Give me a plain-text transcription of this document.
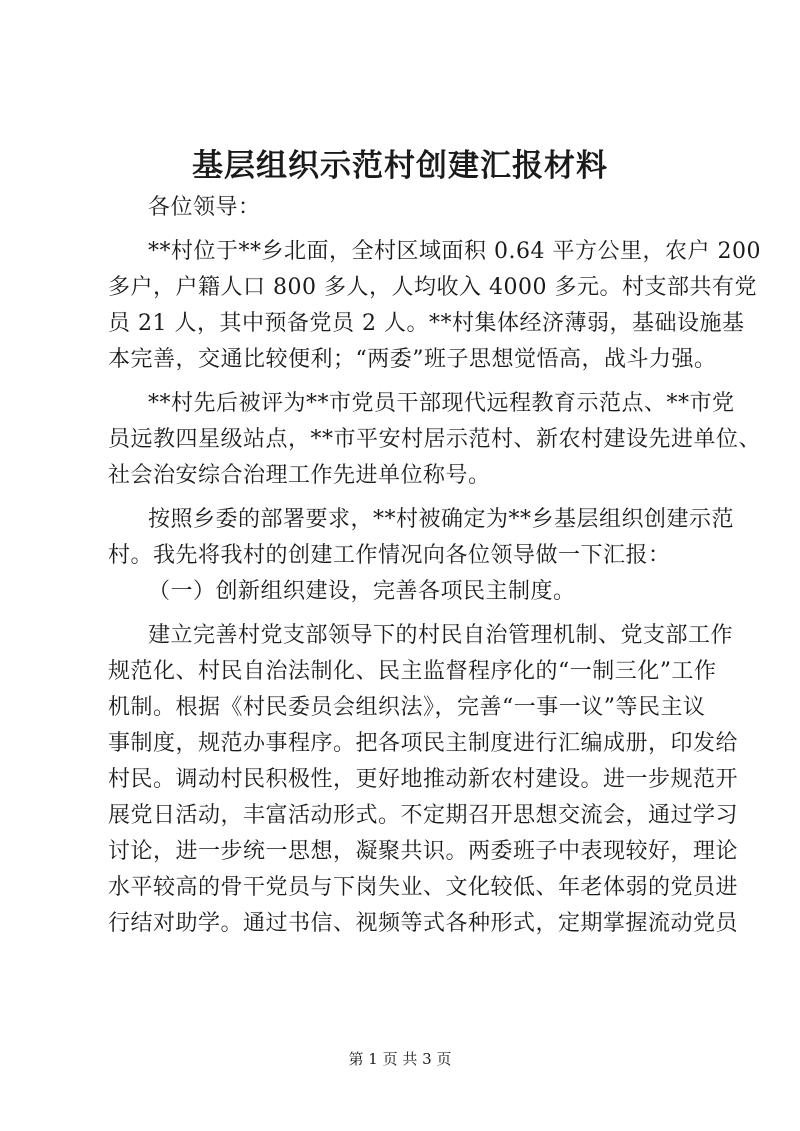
基层组织示范村创建汇报材料
各位领导：
**村位于**乡北面，全村区域面积 0.64 平方公里，农户 200
多户，户籍人口 800 多人，人均收入 4000 多元。村支部共有党
员 21 人，其中预备党员 2 人。**村集体经济薄弱，基础设施基
本完善，交通比较便利；“两委”班子思想觉悟高，战斗力强。
**村先后被评为**市党员干部现代远程教育示范点、**市党
员远教四星级站点，**市平安村居示范村、新农村建设先进单位、
社会治安综合治理工作先进单位称号。
按照乡委的部署要求，**村被确定为**乡基层组织创建示范
村。我先将我村的创建工作情况向各位领导做一下汇报：
（一）创新组织建设，完善各项民主制度。
建立完善村党支部领导下的村民自治管理机制、党支部工作
规范化、村民自治法制化、民主监督程序化的“一制三化”工作
机制。根据《村民委员会组织法》，完善“一事一议”等民主议
事制度，规范办事程序。把各项民主制度进行汇编成册，印发给
村民。调动村民积极性，更好地推动新农村建设。进一步规范开
展党日活动，丰富活动形式。不定期召开思想交流会，通过学习
讨论，进一步统一思想，凝聚共识。两委班子中表现较好，理论
水平较高的骨干党员与下岗失业、文化较低、年老体弱的党员进
行结对助学。通过书信、视频等式各种形式，定期掌握流动党员
第 1 页 共 3 页
